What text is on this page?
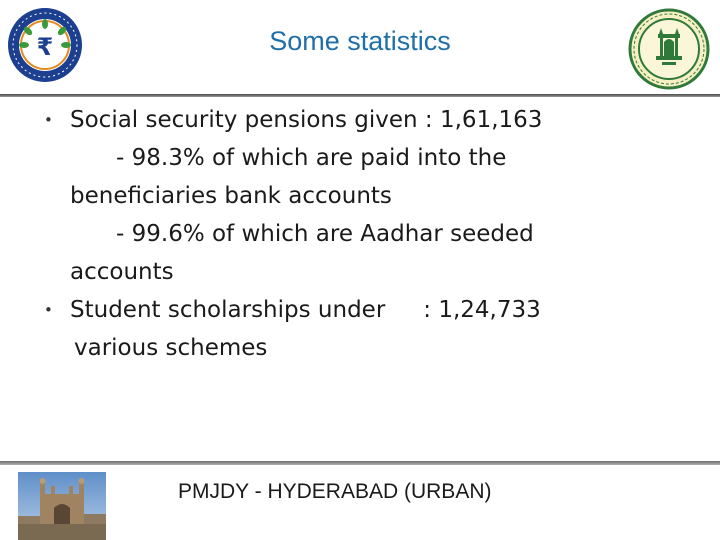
₹	Some statistics
• Social security pensions given : 1,61,163
- 98.3% of which are paid into the
beneficiaries bank accounts
- 99.6% of which are Aadhar seeded
accounts
• Student scholarships under : 1,24,733
various schemes
PMJDY - HYDERABAD (URBAN)
